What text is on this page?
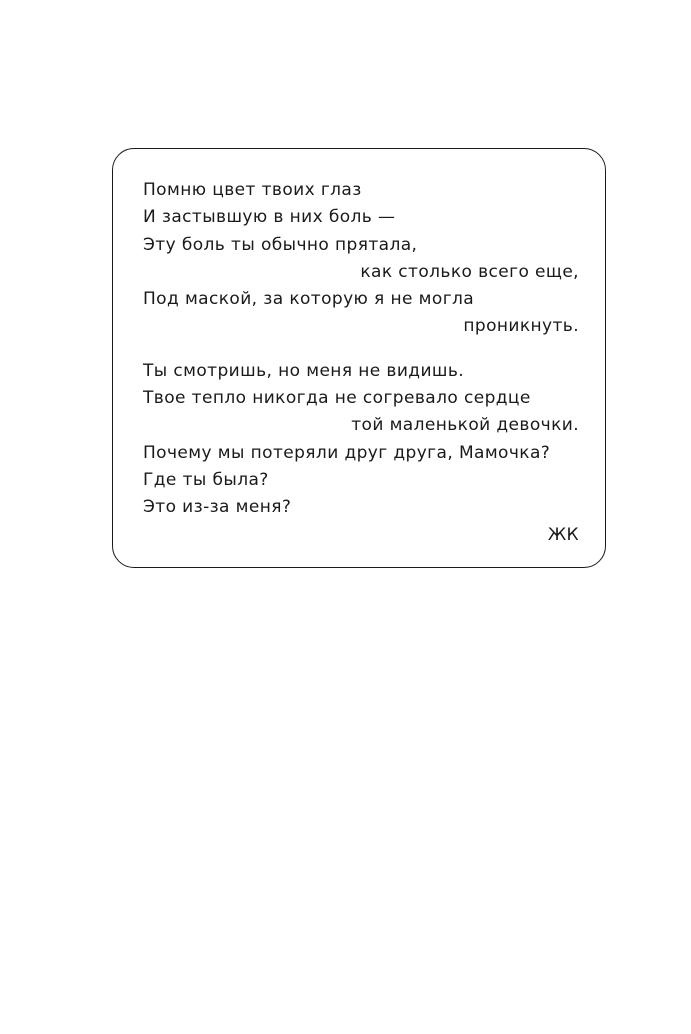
Помню цвет твоих глаз
И застывшую в них боль —
Эту боль ты обычно прятала,
как столько всего еще,
Под маской, за которую я не могла
проникнуть.
Ты смотришь, но меня не видишь.
Твое тепло никогда не согревало сердце
той маленькой девочки.
Почему мы потеряли друг друга, Мамочка?
Где ты была?
Это из-за меня?
ЖК
